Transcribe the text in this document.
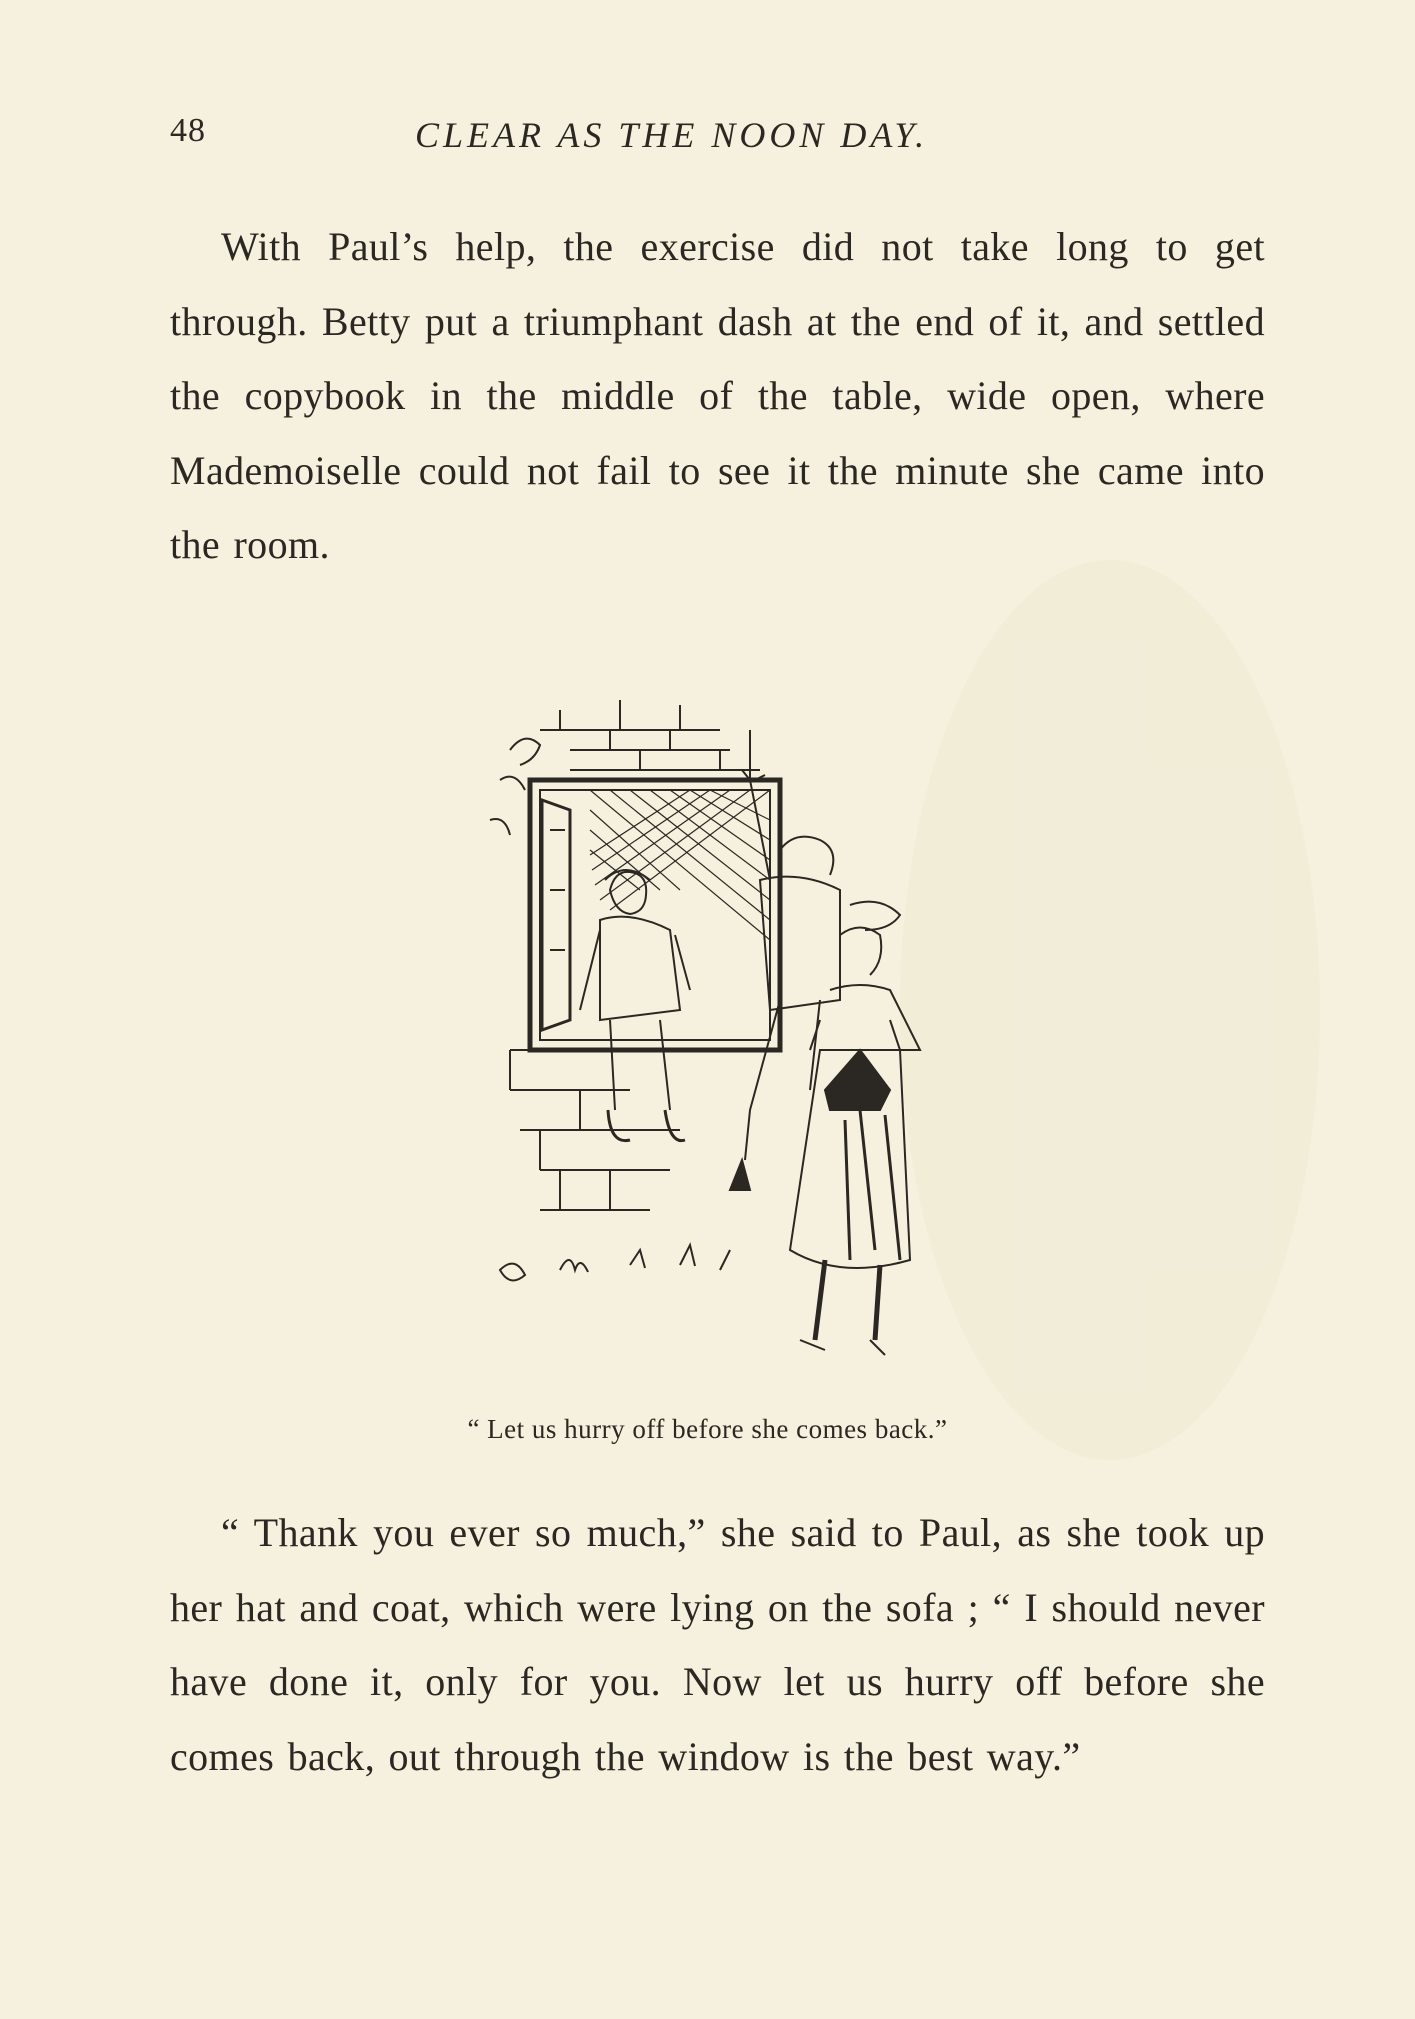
48	CLEAR AS THE NOON DAY.
With Paul’s help, the exercise did not take long to get through. Betty put a triumphant dash at the end of it, and settled the copybook in the middle of the table, wide open, where Mademoiselle could not fail to see it the minute she came into the room.
“ Let us hurry off before she comes back.”
“ Thank you ever so much,” she said to Paul, as she took up her hat and coat, which were lying on the sofa ; “ I should never have done it, only for you. Now let us hurry off before she comes back, out through the window is the best way.”
